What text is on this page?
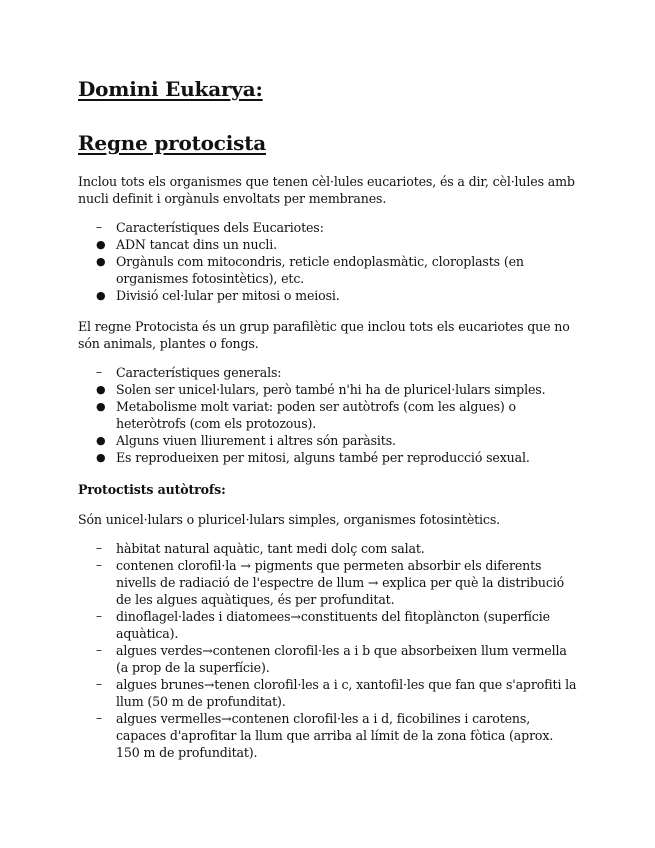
Domini Eukarya:
Regne protocista

Inclou tots els organismes que tenen cèl·lules eucariotes, és a dir, cèl·lules amb nucli definit i orgànuls envoltats per membranes.

–	Característiques dels Eucariotes:
● ADN tancat dins un nucli.
● Orgànuls com mitocondris, reticle endoplasmàtic, cloroplasts (en organismes fotosintètics), etc.
● Divisió cel·lular per mitosi o meiosi.

El regne Protocista és un grup parafilètic que inclou tots els eucariotes que no són animals, plantes o fongs.

–	Característiques generals:
● Solen ser unicel·lulars, però també n'hi ha de pluricel·lulars simples.
● Metabolisme molt variat: poden ser autòtrofs (com les algues) o heteròtrofs (com els protozous).
● Alguns viuen lliurement i altres són paràsits.
● Es reprodueixen per mitosi, alguns també per reproducció sexual.

Protoctists autòtrofs:

Són unicel·lulars o pluricel·lulars simples, organismes fotosintètics.

–	hàbitat natural aquàtic, tant medi dolç com salat.
–	contenen clorofil·la → pigments que permeten absorbir els diferents nivells de radiació de l'espectre de llum → explica per què la distribució de les algues aquàtiques, és per profunditat.
–	dinoflagel·lades i diatomees→constituents del fitoplàncton (superfície aquàtica).
–	algues verdes→contenen clorofil·les a i b que absorbeixen llum vermella (a prop de la superfície).
–	algues brunes→tenen clorofil·les a i c, xantofil·les que fan que s'aprofiti la llum (50 m de profunditat).
–	algues vermelles→contenen clorofil·les a i d, ficobilines i carotens, capaces d'aprofitar la llum que arriba al límit de la zona fòtica (aprox. 150 m de profunditat).
